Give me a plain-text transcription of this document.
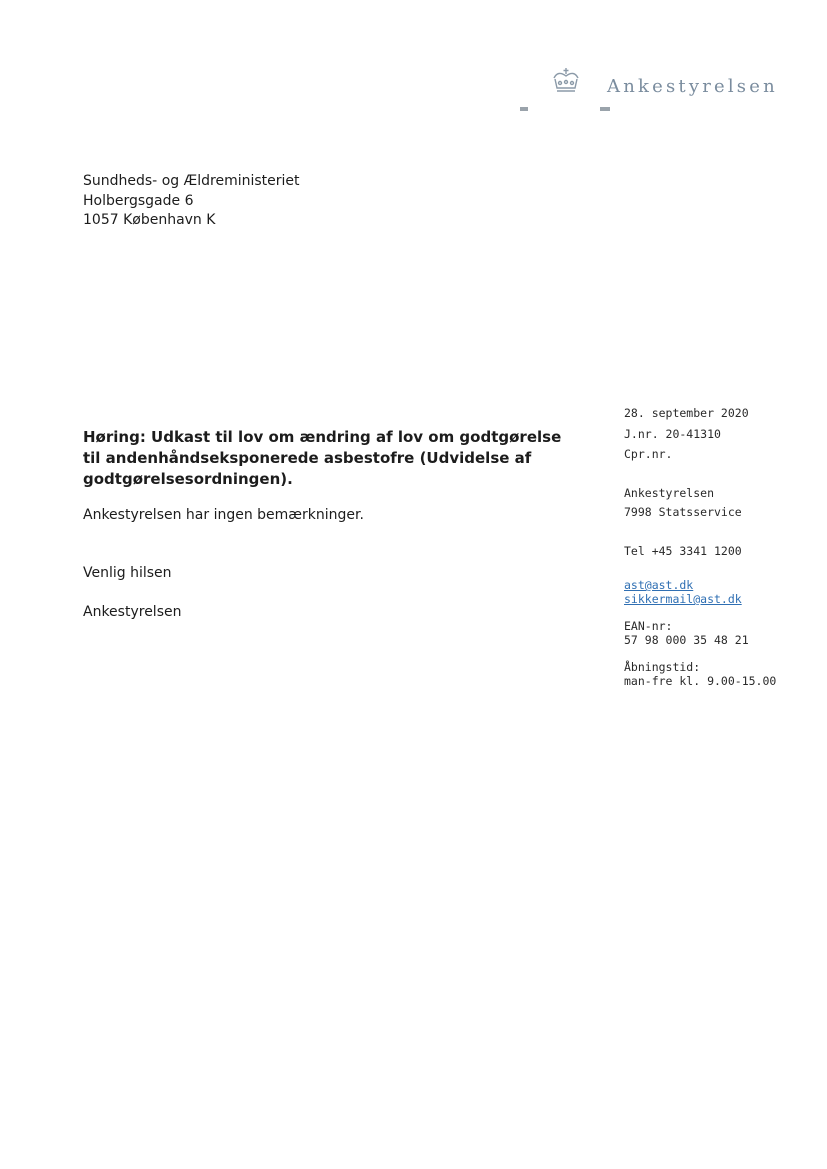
Ankestyrelsen
Sundheds- og Ældreministeriet
Holbergsgade 6
1057 København K
Høring: Udkast til lov om ændring af lov om godtgørelse til andenhåndseksponerede asbestofre (Udvidelse af godtgørelsesordningen).
Ankestyrelsen har ingen bemærkninger.
Venlig hilsen
Ankestyrelsen
28. september 2020
J.nr. 20-41310
Cpr.nr.
Ankestyrelsen
7998 Statsservice
Tel +45 3341 1200
ast@ast.dk
sikkermail@ast.dk
EAN-nr:
57 98 000 35 48 21
Åbningstid:
man-fre kl. 9.00-15.00
